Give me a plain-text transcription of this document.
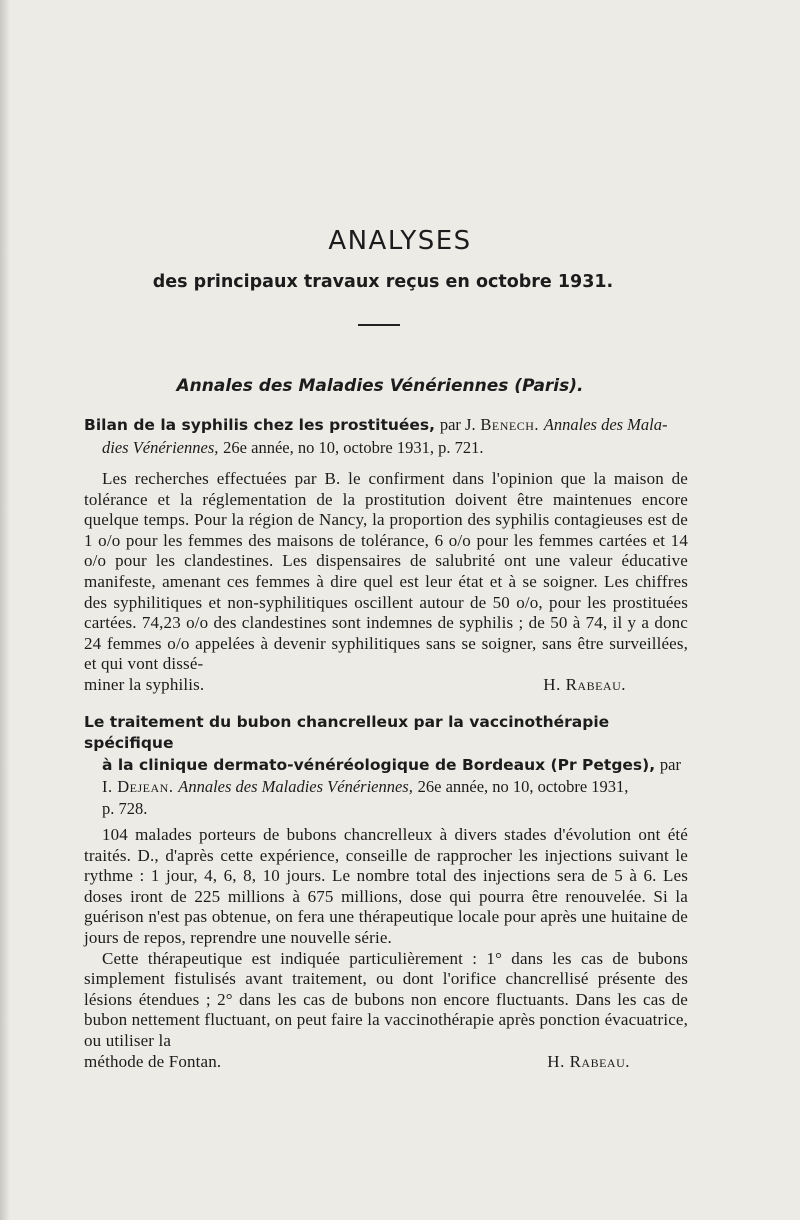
ANALYSES
des principaux travaux reçus en octobre 1931.
Annales des Maladies Vénériennes (Paris).

Bilan de la syphilis chez les prostituées, par J. Benech. Annales des Mala-

dies Vénériennes, 26e année, no 10, octobre 1931, p. 721.

Les recherches effectuées par B. le confirment dans l'opinion que la maison de tolérance et la réglementation de la prostitution doivent être maintenues encore quelque temps. Pour la région de Nancy, la proportion des syphilis contagieuses est de 1 o/o pour les femmes des maisons de tolérance, 6 o/o pour les femmes cartées et 14 o/o pour les clandestines. Les dispensaires de salubrité ont une valeur éducative manifeste, amenant ces femmes à dire quel est leur état et à se soigner. Les chiffres des syphilitiques et non-syphilitiques oscillent autour de 50 o/o, pour les prostituées cartées. 74,23 o/o des clandestines sont indemnes de syphilis ; de 50 à 74, il y a donc 24 femmes o/o appelées à devenir syphilitiques sans se soigner, sans être surveillées, et qui vont dissé-

miner la syphilis.	H. Rabeau.

Le traitement du bubon chancrelleux par la vaccinothérapie spécifique

à la clinique dermato-vénéréologique de Bordeaux (Pr Petges), par

I. Dejean. Annales des Maladies Vénériennes, 26e année, no 10, octobre 1931,

p. 728.

104 malades porteurs de bubons chancrelleux à divers stades d'évolution ont été traités. D., d'après cette expérience, conseille de rapprocher les injections suivant le rythme : 1 jour, 4, 6, 8, 10 jours. Le nombre total des injections sera de 5 à 6. Les doses iront de 225 millions à 675 millions, dose qui pourra être renouvelée. Si la guérison n'est pas obtenue, on fera une thérapeutique locale pour après une huitaine de jours de repos, reprendre une nouvelle série.

Cette thérapeutique est indiquée particulièrement : 1° dans les cas de bubons simplement fistulisés avant traitement, ou dont l'orifice chancrellisé présente des lésions étendues ; 2° dans les cas de bubons non encore fluctuants. Dans les cas de bubon nettement fluctuant, on peut faire la vaccinothérapie après ponction évacuatrice, ou utiliser la

méthode de Fontan.	H. Rabeau.
